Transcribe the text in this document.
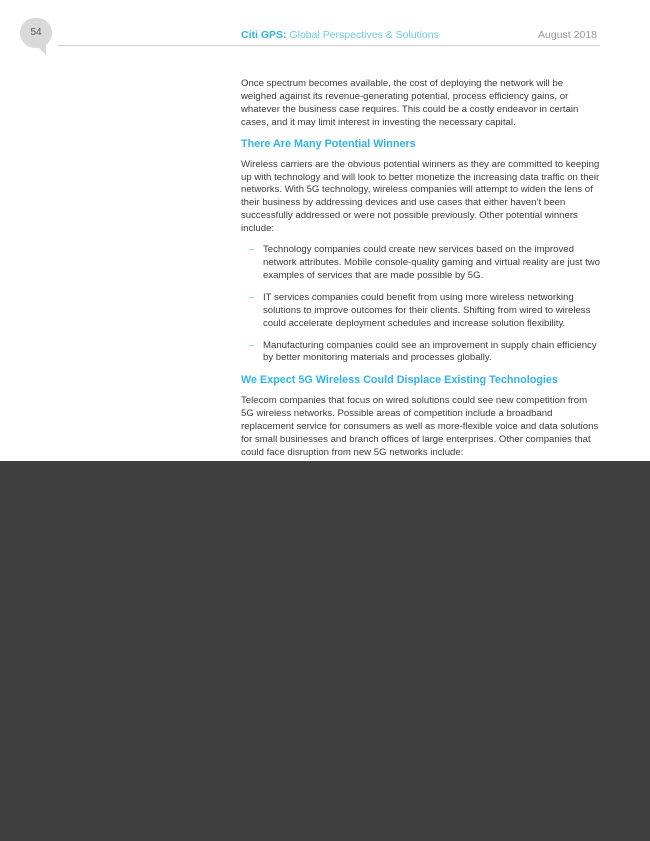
54	Citi GPS: Global Perspectives & Solutions	August 2018

Once spectrum becomes available, the cost of deploying the network will be weighed against its revenue-generating potential, process efficiency gains, or whatever the business case requires. This could be a costly endeavor in certain cases, and it may limit interest in investing the necessary capital.

There Are Many Potential Winners

Wireless carriers are the obvious potential winners as they are committed to keeping up with technology and will look to better monetize the increasing data traffic on their networks. With 5G technology, wireless companies will attempt to widen the lens of their business by addressing devices and use cases that either haven’t been successfully addressed or were not possible previously. Other potential winners include:

– Technology companies could create new services based on the improved network attributes. Mobile console-quality gaming and virtual reality are just two examples of services that are made possible by 5G.
– IT services companies could benefit from using more wireless networking solutions to improve outcomes for their clients. Shifting from wired to wireless could accelerate deployment schedules and increase solution flexibility.
– Manufacturing companies could see an improvement in supply chain efficiency by better monitoring materials and processes globally.
We Expect 5G Wireless Could Displace Existing Technologies

Telecom companies that focus on wired solutions could see new competition from 5G wireless networks. Possible areas of competition include a broadband replacement service for consumers as well as more-flexible voice and data solutions for small businesses and branch offices of large enterprises. Other companies that could face disruption from new 5G networks include:
